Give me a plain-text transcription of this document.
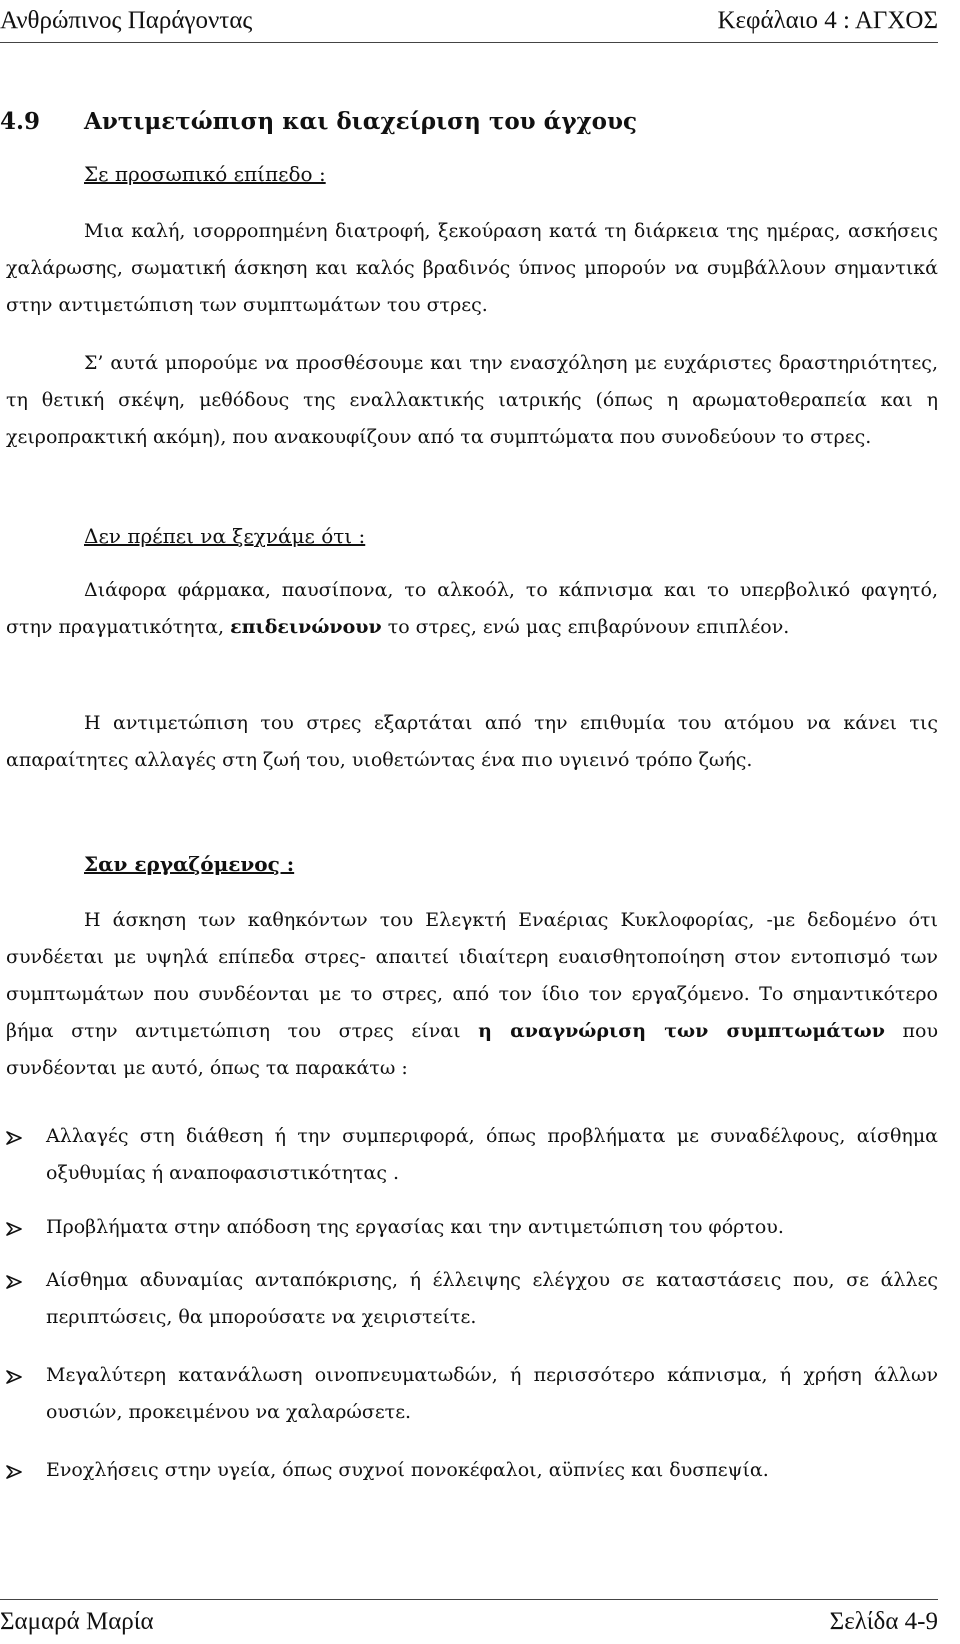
Ανθρώπινος Παράγοντας	Κεφάλαιο 4 : ΑΓΧΟΣ
4.9 Αντιμετώπιση και διαχείριση του άγχους
Σε προσωπικό επίπεδο :
Μια καλή, ισορροπημένη διατροφή, ξεκούραση κατά τη διάρκεια της ημέρας, ασκήσεις χαλάρωσης, σωματική άσκηση και καλός βραδινός ύπνος μπορούν να συμβάλλουν σημαντικά στην αντιμετώπιση των συμπτωμάτων του στρες.
Σ’ αυτά μπορούμε να προσθέσουμε και την ενασχόληση με ευχάριστες δραστηριότητες, τη θετική σκέψη, μεθόδους της εναλλακτικής ιατρικής (όπως η αρωματοθεραπεία και η χειροπρακτική ακόμη), που ανακουφίζουν από τα συμπτώματα που συνοδεύουν το στρες.
Δεν πρέπει να ξεχνάμε ότι :
Διάφορα φάρμακα, παυσίπονα, το αλκοόλ, το κάπνισμα και το υπερβολικό φαγητό, στην πραγματικότητα, επιδεινώνουν το στρες, ενώ μας επιβαρύνουν επιπλέον.
Η αντιμετώπιση του στρες εξαρτάται από την επιθυμία του ατόμου να κάνει τις απαραίτητες αλλαγές στη ζωή του, υιοθετώντας ένα πιο υγιεινό τρόπο ζωής.
Σαν εργαζόμενος :
Η άσκηση των καθηκόντων του Ελεγκτή Εναέριας Κυκλοφορίας, -με δεδομένο ότι συνδέεται με υψηλά επίπεδα στρες- απαιτεί ιδιαίτερη ευαισθητοποίηση στον εντοπισμό των συμπτωμάτων που συνδέονται με το στρες, από τον ίδιο τον εργαζόμενο. Το σημαντικότερο βήμα στην αντιμετώπιση του στρες είναι η αναγνώριση των συμπτωμάτων που συνδέονται με αυτό, όπως τα παρακάτω :
Αλλαγές στη διάθεση ή την συμπεριφορά, όπως προβλήματα με συναδέλφους, αίσθημα οξυθυμίας ή αναποφασιστικότητας .
Προβλήματα στην απόδοση της εργασίας και την αντιμετώπιση του φόρτου.
Αίσθημα αδυναμίας ανταπόκρισης, ή έλλειψης ελέγχου σε καταστάσεις που, σε άλλες περιπτώσεις, θα μπορούσατε να χειριστείτε.
Μεγαλύτερη κατανάλωση οινοπνευματωδών, ή περισσότερο κάπνισμα, ή χρήση άλλων ουσιών, προκειμένου να χαλαρώσετε.
Ενοχλήσεις στην υγεία, όπως συχνοί πονοκέφαλοι, αϋπνίες και δυσπεψία.
Σαμαρά Μαρία	Σελίδα 4-9
